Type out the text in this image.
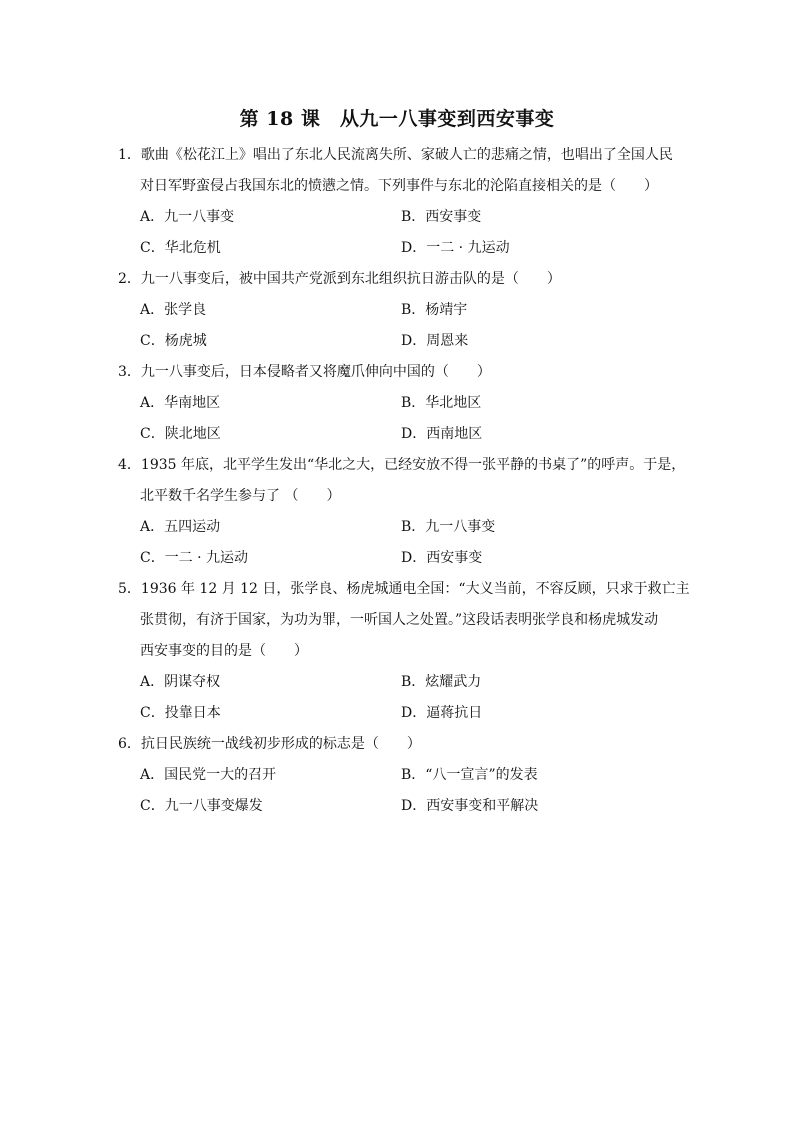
第 18 课　从九一八事变到西安事变
1．歌曲《松花江上》唱出了东北人民流离失所、家破人亡的悲痛之情，也唱出了全国人民
对日军野蛮侵占我国东北的愤懑之情。下列事件与东北的沦陷直接相关的是（　　）
A．九一八事变	B．西安事变
C．华北危机	D．一二 · 九运动
2．九一八事变后，被中国共产党派到东北组织抗日游击队的是（　　）
A．张学良	B．杨靖宇
C．杨虎城	D．周恩来
3．九一八事变后，日本侵略者又将魔爪伸向中国的（　　）
A．华南地区	B．华北地区
C．陕北地区	D．西南地区
4．1935 年底，北平学生发出“华北之大，已经安放不得一张平静的书桌了”的呼声。于是，
北平数千名学生参与了 （　　）
A．五四运动	B．九一八事变
C．一二 · 九运动	D．西安事变
5．1936 年 12 月 12 日，张学良、杨虎城通电全国：“大义当前，不容反顾，只求于救亡主
张贯彻，有济于国家，为功为罪，一听国人之处置。”这段话表明张学良和杨虎城发动
西安事变的目的是（　　）
A．阴谋夺权	B．炫耀武力
C．投靠日本	D．逼蒋抗日
6．抗日民族统一战线初步形成的标志是（　　）
A．国民党一大的召开	B．“八一宣言”的发表
C．九一八事变爆发	D．西安事变和平解决
